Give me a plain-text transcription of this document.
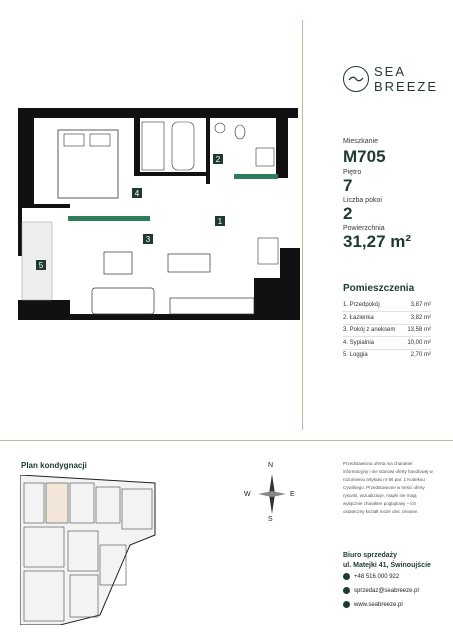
SEA
BREEZE
Mieszkanie
M705
Piętro
7
Liczba pokoi
2
Powierzchnia
31,27 m²
Pomieszczenia
1. Przedpokój	3,87 m²
2. Łazienka	3,82 m²
3. Pokój z aneksem 13,58 m²
4. Sypialnia	10,00 m²
5. Loggia	2,70 m²
2
1
3
4
5
Plan kondygnacji	N
W	E
S
Przedstawiona oferta ma charakter informacyjny i nie stanowi oferty handlowej w rozumieniu artykułu nr 66 par. 1 Kodeksu Cywilnego. Przedstawione w treści oferty rysunki, wizualizacje, mapki nie mają wyłącznie charakter poglądowy – ich ostateczny kształt może ulec zmianie.
Biuro sprzedaży
ul. Matejki 41, Świnoujście
+48 516 000 922
sprzedaz@seabreeze.pl
www.seabreeze.pl
